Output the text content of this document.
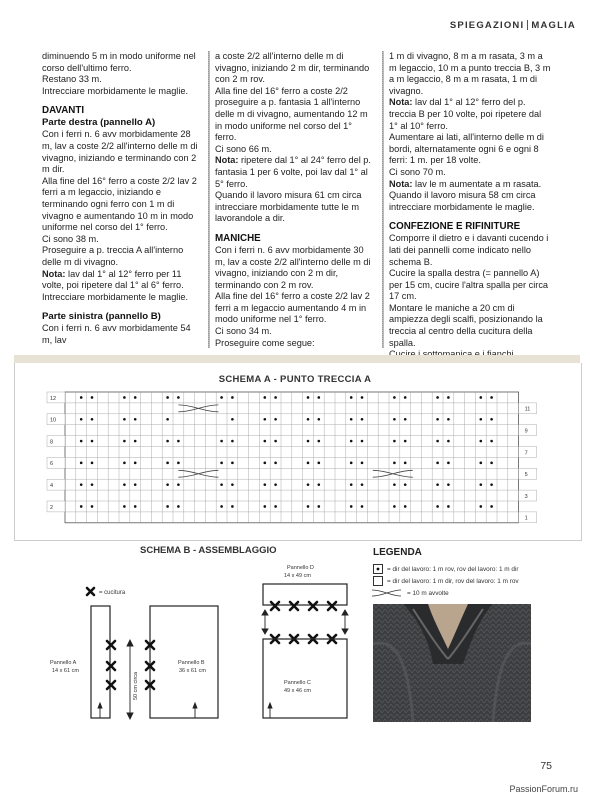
SPIEGAZIONI MAGLIA

diminuendo 5 m in modo uniforme nel corso dell'ultimo ferro.

Restano 33 m.

Intrecciare morbidamente le maglie.

DAVANTI
Parte destra (pannello A)

Con i ferri n. 6 avv morbidamente 28 m, lav a coste 2/2 all'interno delle m di vivagno, iniziando e terminando con 2 m dir.

Alla fine del 16° ferro a coste 2/2 lav 2 ferri a m legaccio, iniziando e terminando ogni ferro con 1 m di vivagno e aumentando 10 m in modo uniforme nel corso del 1° ferro.

Ci sono 38 m.

Proseguire a p. treccia A all'interno delle m di vivagno.

Nota: lav dal 1° al 12° ferro per 11 volte, poi ripetere dal 1° al 6° ferro.

Intrecciare morbidamente le maglie.

Parte sinistra (pannello B)

Con i ferri n. 6 avv morbidamente 54 m, lav

a coste 2/2 all'interno delle m di vivagno, iniziando 2 m dir, terminando con 2 m rov.

Alla fine del 16° ferro a coste 2/2 proseguire a p. fantasia 1 all'interno delle m di vivagno, aumentando 12 m in modo uniforme nel corso del 1° ferro.

Ci sono 66 m.

Nota: ripetere dal 1° al 24° ferro del p. fantasia 1 per 6 volte, poi lav dal 1° al 5° ferro.

Quando il lavoro misura 61 cm circa intrecciare morbidamente tutte le m lavorandole a dir.

MANICHE

Con i ferri n. 6 avv morbidamente 30 m, lav a coste 2/2 all'interno delle m di vivagno, iniziando con 2 m dir, terminando con 2 m rov.

Alla fine del 16° ferro a coste 2/2 lav 2 ferri a m legaccio aumentando 4 m in modo uniforme nel 1° ferro.

Ci sono 34 m.

Proseguire come segue:

1 m di vivagno, 8 m a m rasata, 3 m a m legaccio, 10 m a punto treccia B, 3 m a m legaccio, 8 m a m rasata, 1 m di vivagno.

Nota: lav dal 1° al 12° ferro del p. treccia B per 10 volte, poi ripetere dal 1° al 10° ferro.

Aumentare ai lati, all'interno delle m di bordi, alternatamente ogni 6 e ogni 8 ferri: 1 m. per 18 volte.

Ci sono 70 m.

Nota: lav le m aumentate a m rasata.

Quando il lavoro misura 58 cm circa intrecciare morbidamente le maglie.

CONFEZIONE E RIFINITURE

Comporre il dietro e i davanti cucendo i lati dei pannelli come indicato nello schema B.

Cucire la spalla destra (= pannello A) per 15 cm, cucire l'altra spalla per circa 17 cm.

Montare le maniche a 20 cm di ampiezza degli scalfi, posizionando la treccia al centro della cucitura della spalla.

SCHEMA A - PUNTO TRECCIA A
12
10
8
6
4
2
11
9
7
5
3
1
SCHEMA B - ASSEMBLAGGIO
= cucitura
Pannello A
14 x 61 cm
Pannello B
36 x 61 cm
50 cm circa
Pannello D
14 x 49 cm
Pannello C
49 x 46 cm
LEGENDA
= dir del lavoro: 1 m rov, rov del lavoro: 1 m dir
= dir del lavoro: 1 m dir, rov del lavoro: 1 m rov
= 10 m avvolte
75
PassionForum.ru
